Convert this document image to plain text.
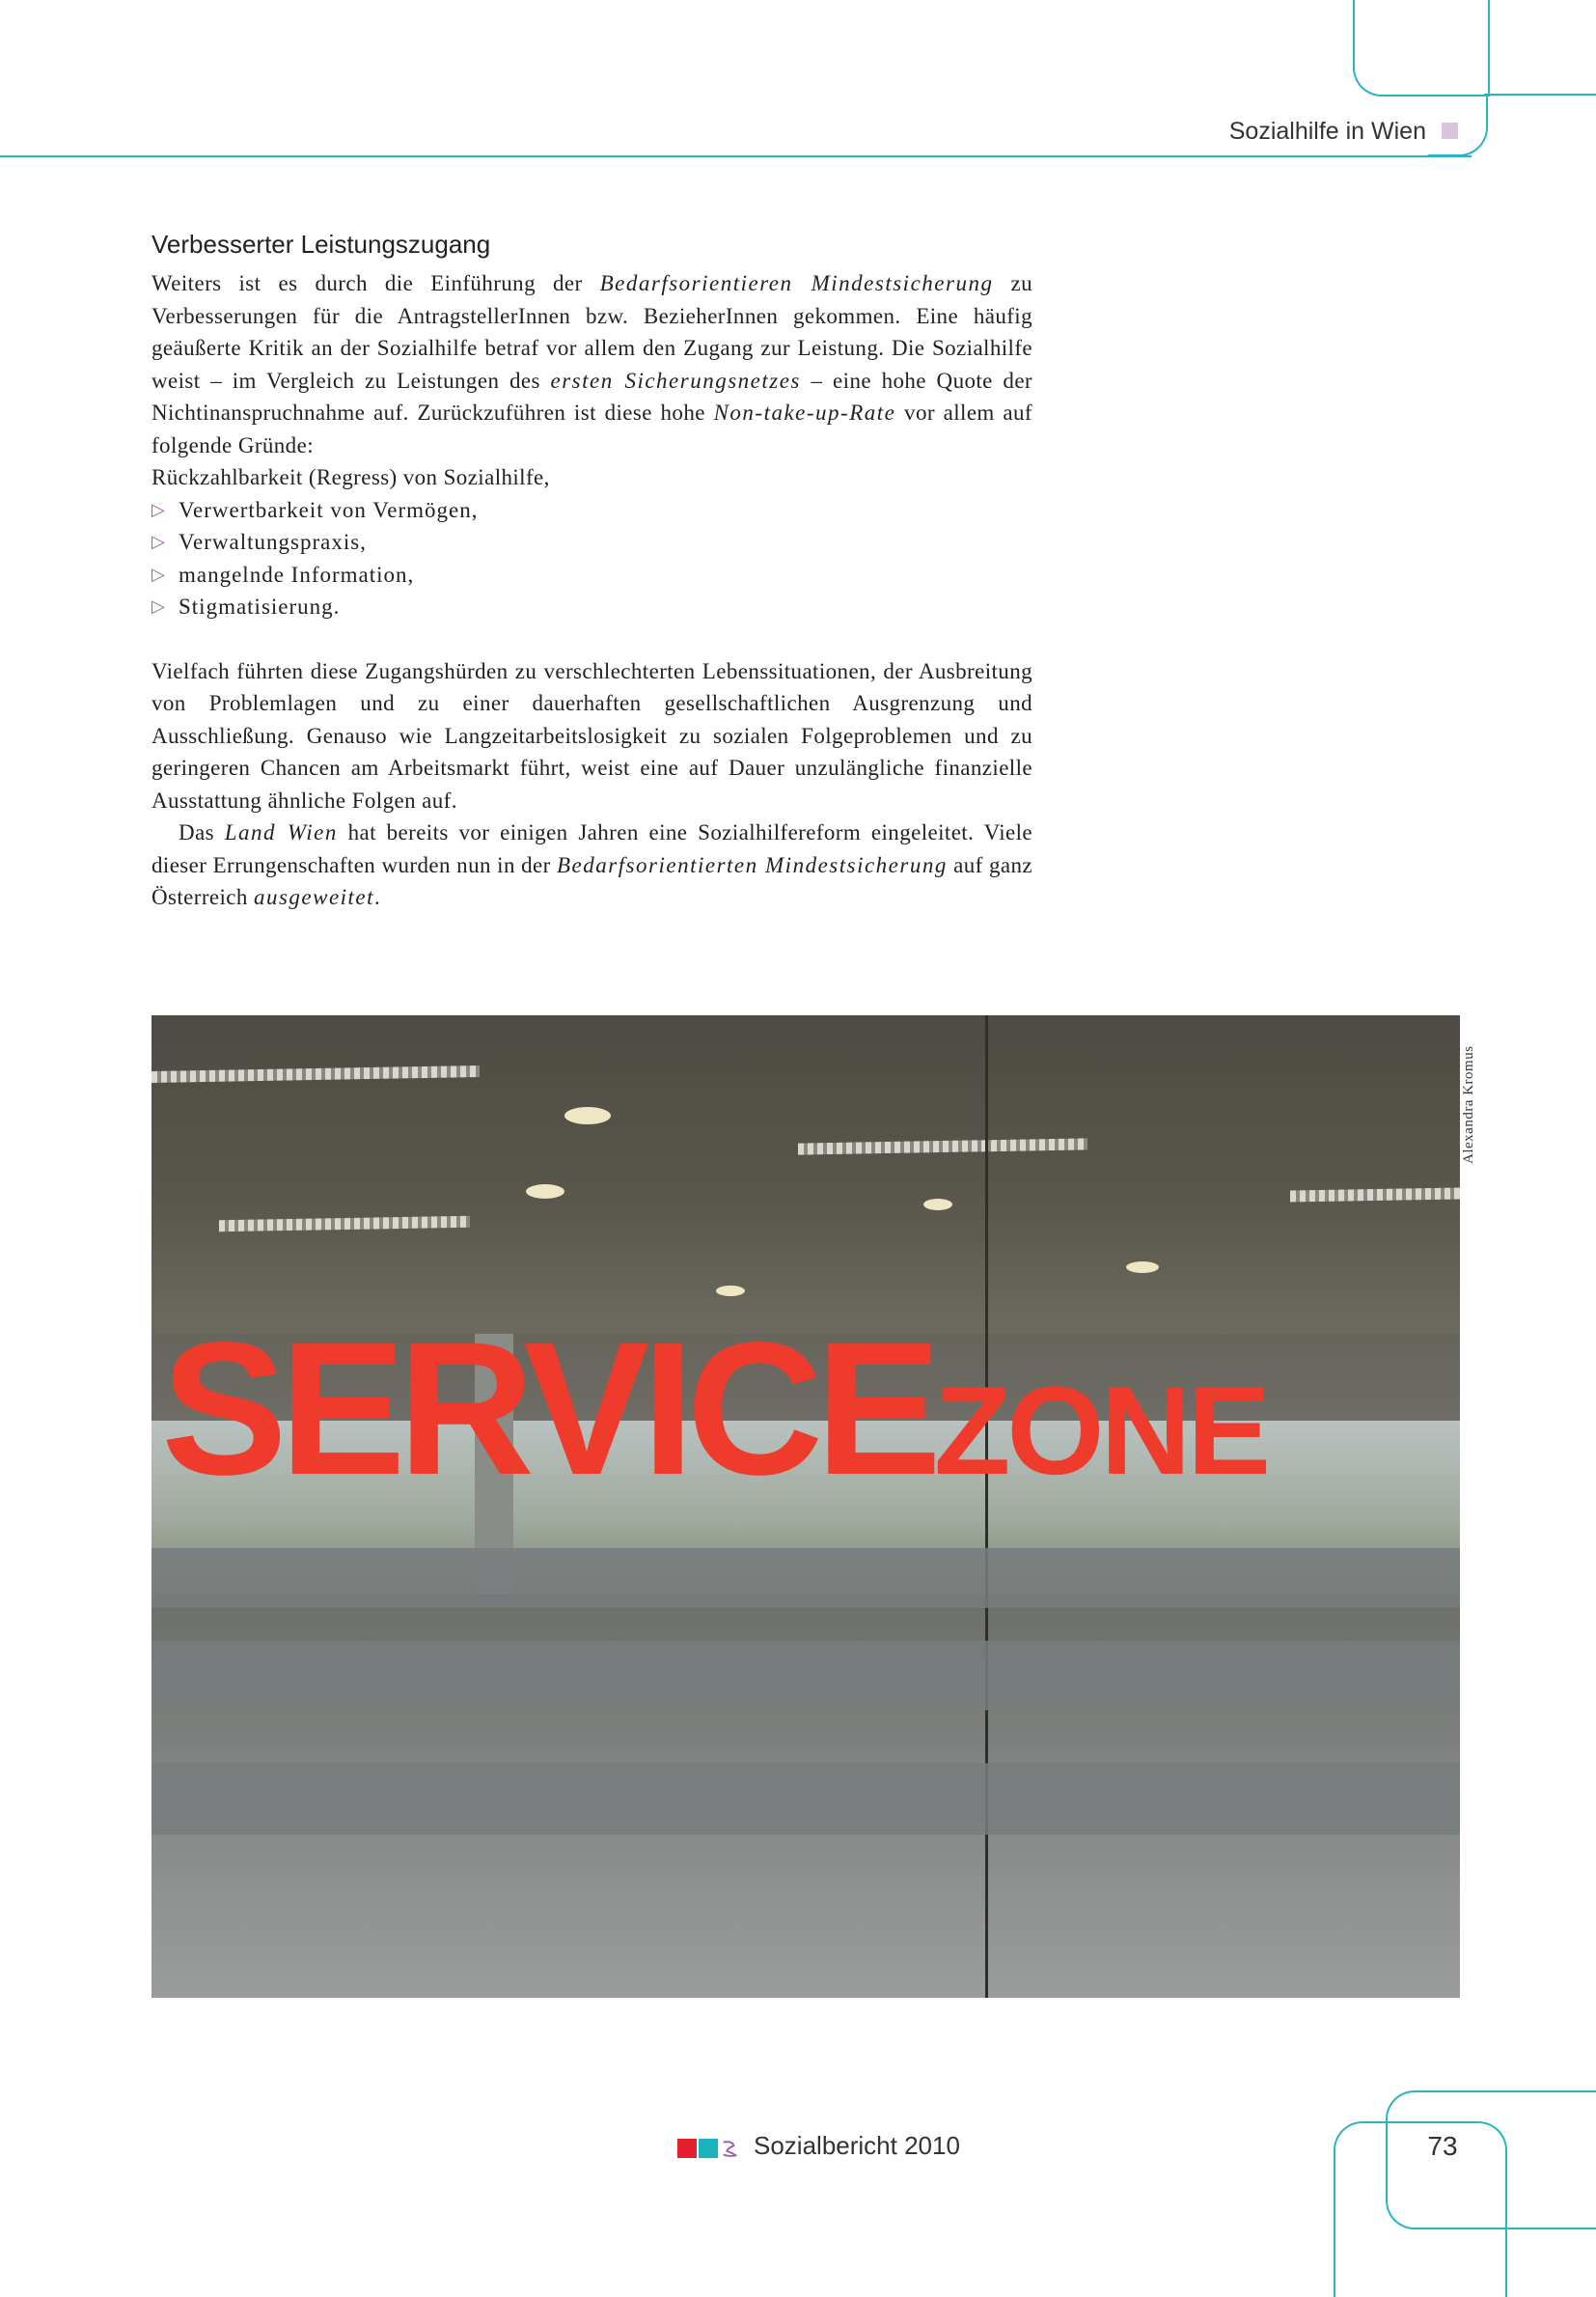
Sozialhilfe in Wien
Verbesserter Leistungszugang

Weiters ist es durch die Einführung der Bedarfsorientieren Mindestsicherung zu Verbesserungen für die AntragstellerInnen bzw. BezieherInnen gekommen. Eine häufig geäußerte Kritik an der Sozialhilfe betraf vor allem den Zugang zur Leistung. Die Sozialhilfe weist – im Vergleich zu Leistungen des ersten Sicherungsnetzes – eine hohe Quote der Nichtinanspruchnahme auf. Zurückzuführen ist diese hohe Non-take-up-Rate vor allem auf folgende Gründe:

Rückzahlbarkeit (Regress) von Sozialhilfe,

▷ Verwertbarkeit von Vermögen,
▷ Verwaltungspraxis,
▷ mangelnde Information,
▷ Stigmatisierung.

Vielfach führten diese Zugangshürden zu verschlechterten Lebenssituationen, der Ausbreitung von Problemlagen und zu einer dauerhaften gesellschaftlichen Ausgrenzung und Ausschließung. Genauso wie Langzeitarbeitslosigkeit zu sozialen Folgeproblemen und zu geringeren Chancen am Arbeitsmarkt führt, weist eine auf Dauer unzulängliche finanzielle Ausstattung ähnliche Folgen auf.

Das Land Wien hat bereits vor einigen Jahren eine Sozialhilfereform eingeleitet. Viele dieser Errungenschaften wurden nun in der Bedarfsorientierten Mindestsicherung auf ganz Österreich ausgeweitet.

SERVICEZONE
Alexandra Kromus
Sozialbericht 2010	73
